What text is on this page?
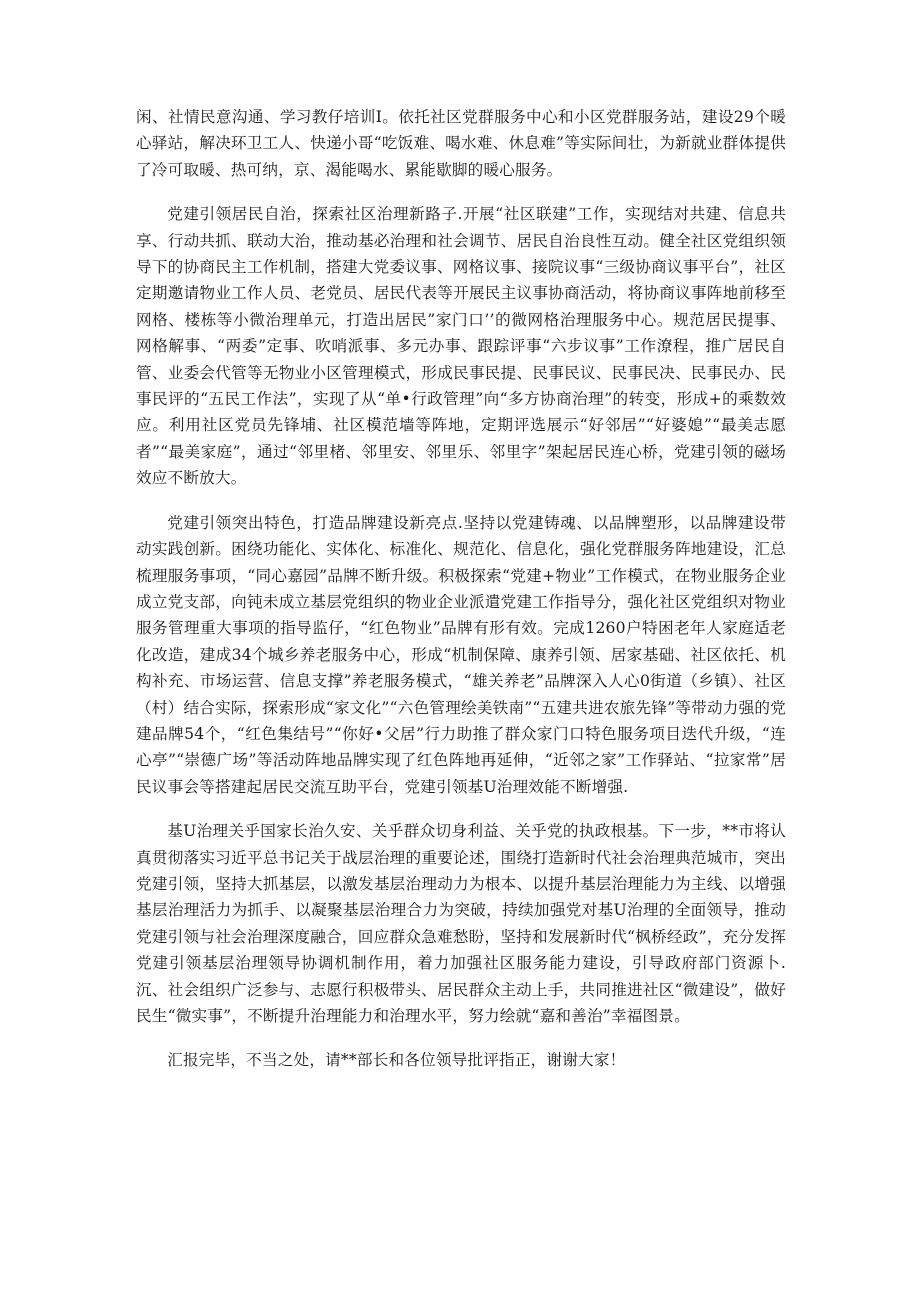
闲、社情民意沟通、学习教仔培训I。依托社区党群服务中心和小区党群服务站，建设29个暖心驿站，解决环卫工人、快递小哥“吃饭难、喝水难、休息难”等实际间壮，为新就业群体提供了冷可取暖、热可纳，京、渴能喝水、累能歇脚的暖心服务。

党建引领居民自治，探索社区治理新路子.开展“社区联建”工作，实现结对共建、信息共享、行动共抓、联动大治，推动基必治理和社会调节、居民自治良性互动。健全社区党组织领导下的协商民主工作机制，搭建大党委议事、网格议事、接院议事“三级协商议事平台”，社区定期邀请物业工作人员、老党员、居民代表等开展民主议事协商活动，将协商议事阵地前移至网格、楼栋等小微治理单元，打造出居民”家门口’’的微网格治理服务中心。规范居民提事、网格解事、“两委”定事、吹哨派事、多元办事、跟踪评事“六步议事”工作潦程，推广居民自管、业委会代管等无物业小区管理模式，形成民事民提、民事民议、民事民决、民事民办、民事民评的“五民工作法”，实现了从“单•行政管理”向“多方协商治理”的转变，形成+的乘数效应。利用社区党员先锋埔、社区模范墙等阵地，定期评选展示“好邻居”“好婆媳”“最美志愿者”“最美家庭”，通过“邻里楮、邻里安、邻里乐、邻里字”架起居民连心桥，党建引领的磁场效应不断放大。

党建引领突出特色，打造品牌建设新亮点.坚持以党建铸魂、以品牌塑形，以品牌建设带动实践创新。困绕功能化、实体化、标准化、规范化、信息化，强化党群服务阵地建设，汇总梳理服务事项，“同心嘉园”品牌不断升级。积极探索“党建+物业”工作模式，在物业服务企业成立党支部，向钝未成立基层党组织的物业企业派遣党建工作指导分，强化社区党组织对物业服务管理重大事项的指导监仔，“红色物业”品牌有形有效。完成1260户特困老年人家庭适老化改造，建成34个城乡养老服务中心，形成“机制保障、康养引领、居家基础、社区依托、机构补充、市场运营、信息支撑”养老服务模式，“雄关养老”品牌深入人心0街道（乡镇）、社区（村）结合实际，探索形成“家文化”“六色管理绘美铁南”“五建共进农旅先锋”等带动力强的党建品牌54个，“红色集结号”“你好•父居”行力助推了群众家门口特色服务项目迭代升级，“连心亭”“崇德广场”等活动阵地品牌实现了红色阵地再延伸，“近邻之家”工作驿站、“拉家常”居民议事会等搭建起居民交流互助平台，党建引领基U治理效能不断增强.

基U治理关乎国家长治久安、关乎群众切身利益、关乎党的执政根基。下一步，**市将认真贯彻落实习近平总书记关于战层治理的重要论述，围绕打造新时代社会治理典范城市，突出党建引领，坚持大抓基层，以激发基层治理动力为根本、以提升基层治理能力为主线、以增强基层治理活力为抓手、以凝聚基层治理合力为突破，持续加强党对基U治理的全面领导，推动党建引领与社会治理深度融合，回应群众急难愁盼，坚持和发展新时代“枫桥经政”，充分发挥党建引领基层治理领导协调机制作用，着力加强社区服务能力建设，引导政府部门资源卜.沉、社会组织广泛参与、志愿行积极带头、居民群众主动上手，共同推进社区“微建设”，做好民生“微实事”，不断提升治理能力和治理水平，努力绘就“嘉和善治”幸福图景。

汇报完毕，不当之处，请**部长和各位领导批评指正，谢谢大家！
